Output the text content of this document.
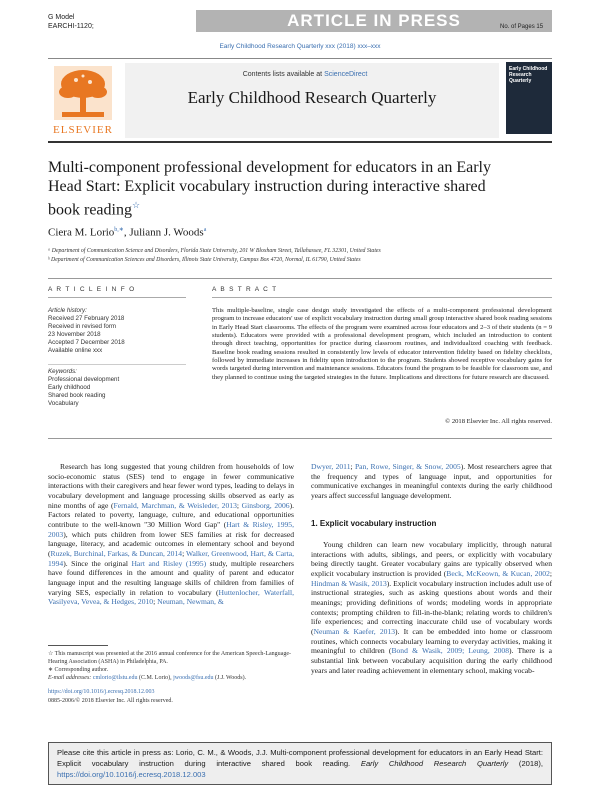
G Model
EARCHI-1120;	ARTICLE IN PRESS	No. of Pages 15
Early Childhood Research Quarterly xxx (2018) xxx–xxx
ELSEVIER
Contents lists available at ScienceDirect
Early Childhood Research Quarterly
Early Childhood Research Quarterly
Multi-component professional development for educators in an Early Head Start: Explicit vocabulary instruction during interactive shared book reading☆
Ciera M. Lorio$^{b,∗}$, Juliann J. Woods$^a$
ᵃ Department of Communication Science and Disorders, Florida State University, 201 W Bloxham Street, Tallahassee, FL 32301, United States
ᵇ Department of Communication Sciences and Disorders, Illinois State University, Campus Box 4720, Normal, IL 61790, United States
A R T I C L E I N F O
Article history:
Received 27 February 2018
Received in revised form
23 November 2018
Accepted 7 December 2018
Available online xxx
Keywords:
Professional development
Early childhood
Shared book reading
Vocabulary
A B S T R A C T
This multiple-baseline, single case design study investigated the effects of a multi-component professional development program to increase educators' use of explicit vocabulary instruction during small group interactive shared book reading sessions in Early Head Start classrooms. The effects of the program were examined across four educators and 2–3 of their students (n = 9 students). Educators were provided with a professional development program, which included an introduction to content through direct teaching, opportunities for practice during classroom routines, and individualized coaching with feedback. Baseline book reading sessions resulted in consistently low levels of educator intervention fidelity based on fidelity checklists, followed by immediate increases in fidelity upon introduction to the program. Students showed receptive vocabulary gains for words targeted during intervention and maintenance sessions. Educators found the program to be feasible for classroom use, and they planned to continue using the targeted strategies in the future. Implications and directions for future research are discussed.
© 2018 Elsevier Inc. All rights reserved.
Research has long suggested that young children from households of low socio-economic status (SES) tend to engage in fewer communicative interactions with their caregivers and hear fewer word types, leading to delays in vocabulary development and language processing skills observed as early as nine months of age (Fernald, Marchman, & Weisleder, 2013; Ginsborg, 2006). Factors related to poverty, language, culture, and educational opportunities contribute to the well-known "30 Million Word Gap" (Hart & Risley, 1995, 2003), which puts children from lower SES families at risk for decreased language, literacy, and academic outcomes in elementary school and beyond (Ruzek, Burchinal, Farkas, & Duncan, 2014; Walker, Greenwood, Hart, & Carta, 1994). Since the original Hart and Risley (1995) study, multiple researchers have found differences in the amount and quality of parent and educator language input and the resulting language skills of children from families of varying SES, especially in relation to vocabulary (Huttenlocher, Waterfall, Vasilyeva, Vevea, & Hedges, 2010; Neuman, Newman, &
Dwyer, 2011; Pan, Rowe, Singer, & Snow, 2005). Most researchers agree that the frequency and types of language input, and opportunities for communicative exchanges in meaningful contexts during the early childhood years affect successful language development.
1. Explicit vocabulary instruction
Young children can learn new vocabulary implicitly, through natural interactions with adults, siblings, and peers, or explicitly with vocabulary being directly taught. Greater vocabulary gains are typically observed when explicit vocabulary instruction is provided (Beck, McKeown, & Kucan, 2002; Hindman & Wasik, 2013). Explicit vocabulary instruction includes adult use of instructional strategies, such as asking questions about words and their meanings; providing definitions of words; modeling words in appropriate contexts; prompting children to fill-in-the-blank; relating words to children's life experiences; and correcting inaccurate child use of vocabulary words (Neuman & Kaefer, 2013). It can be embedded into home or classroom routines, which connects vocabulary learning to everyday activities, making it meaningful to children (Bond & Wasik, 2009; Leung, 2008). There is a substantial link between vocabulary acquisition during the early childhood years and later reading achievement in elementary school, making vocab-
☆ This manuscript was presented at the 2016 annual conference for the American Speech-Language-Hearing Association (ASHA) in Philadelphia, PA.
∗ Corresponding author.
E-mail addresses: cmlorio@ilstu.edu (C.M. Lorio), jwoods@fsu.edu (J.J. Woods).
https://doi.org/10.1016/j.ecresq.2018.12.003
0885-2006/© 2018 Elsevier Inc. All rights reserved.
Please cite this article in press as: Lorio, C. M., & Woods, J.J. Multi-component professional development for educators in an Early Head Start: Explicit vocabulary instruction during interactive shared book reading. Early Childhood Research Quarterly (2018), https://doi.org/10.1016/j.ecresq.2018.12.003
